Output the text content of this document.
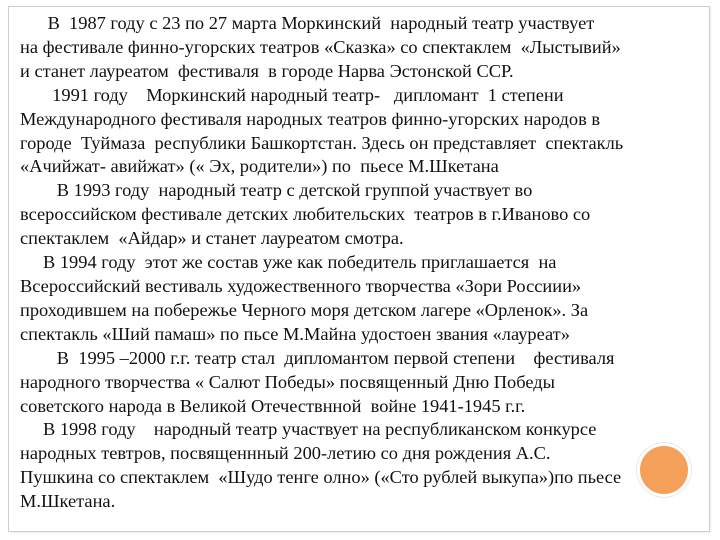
В  1987 году с 23 по 27 марта Моркинский  народный театр участвует
на фестивале финно-угорских театров «Сказка» со спектаклем  «Лыстывий»
и станет лауреатом  фестиваля  в городе Нарва Эстонской ССР.

1991 году    Моркинский народный театр-   дипломант  1 степени
Международного фестиваля народных театров финно-угорских народов в
городе  Туймаза  республики Башкортстан. Здесь он представляет  спектакль
«Ачийжат- авийжат» (« Эх, родители») по  пьесе М.Шкетана

В 1993 году  народный театр с детской группой участвует во
всероссийском фестивале детских любительских  театров в г.Иваново со
спектаклем  «Айдар» и станет лауреатом смотра.

В 1994 году  этот же состав уже как победитель приглашается  на
Всероссийский вестиваль художественного творчества «Зори Россиии»
проходившем на побережье Черного моря детском лагере «Орленок». За
спектакль «Ший памаш» по пьсе М.Майна удостоен звания «лауреат»

В  1995 –2000 г.г. театр стал  дипломантом первой степени    фестиваля
народного творчества « Салют Победы» посвященный Дню Победы
советского народа в Великой Отечествнной  войне 1941-1945 г.г.

В 1998 году    народный театр участвует на республиканском конкурсе
народных тевтров, посвященнный 200-летию со дня рождения А.С.
Пушкина со спектаклем  «Шудо тенге олно» («Сто рублей выкупа»)по пьесе
М.Шкетана.
